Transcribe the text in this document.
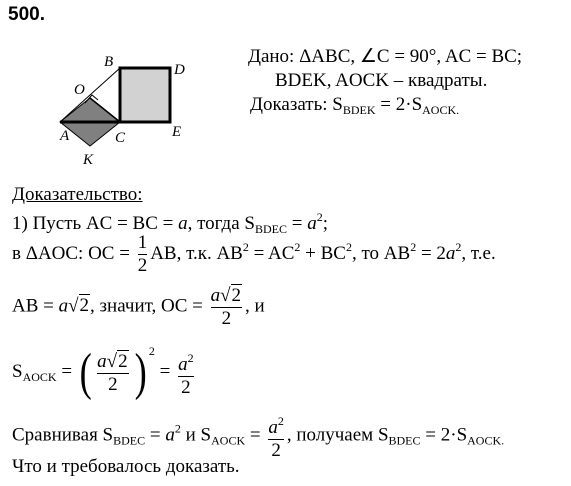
500.
B	D
O
A	C	E
K
Дано: ΔABC, ∠C = 90°, AC = BC;
BDEK, AOCK – квадраты.
Доказать: $S_{BDEK} = 2\cdot S_{AOCK.}$
Доказательство:
1) Пусть AC = BC = a, тогда $S_{BDEC} = a^2$;
в ΔAOC: OC = $\frac{1}{2}$ AB, т.к. $AB^2 = AC^2 + BC^2$, то $AB^2 = 2a^2$, т.е.
AB = a√2, значит, OC = $\frac{a√2}{2}$ , и
$S_{AOCK}$ = ( $\frac{a√2}{2}$ ) $^2 = \frac{a^2}{2}$
Сравнивая $S_{BDEC} = a^2$ и $S_{AOCK} = \frac{a^2}{2}$ , получаем $S_{BDEC} = 2\cdot S_{AOCK.}$
Что и требовалось доказать.
